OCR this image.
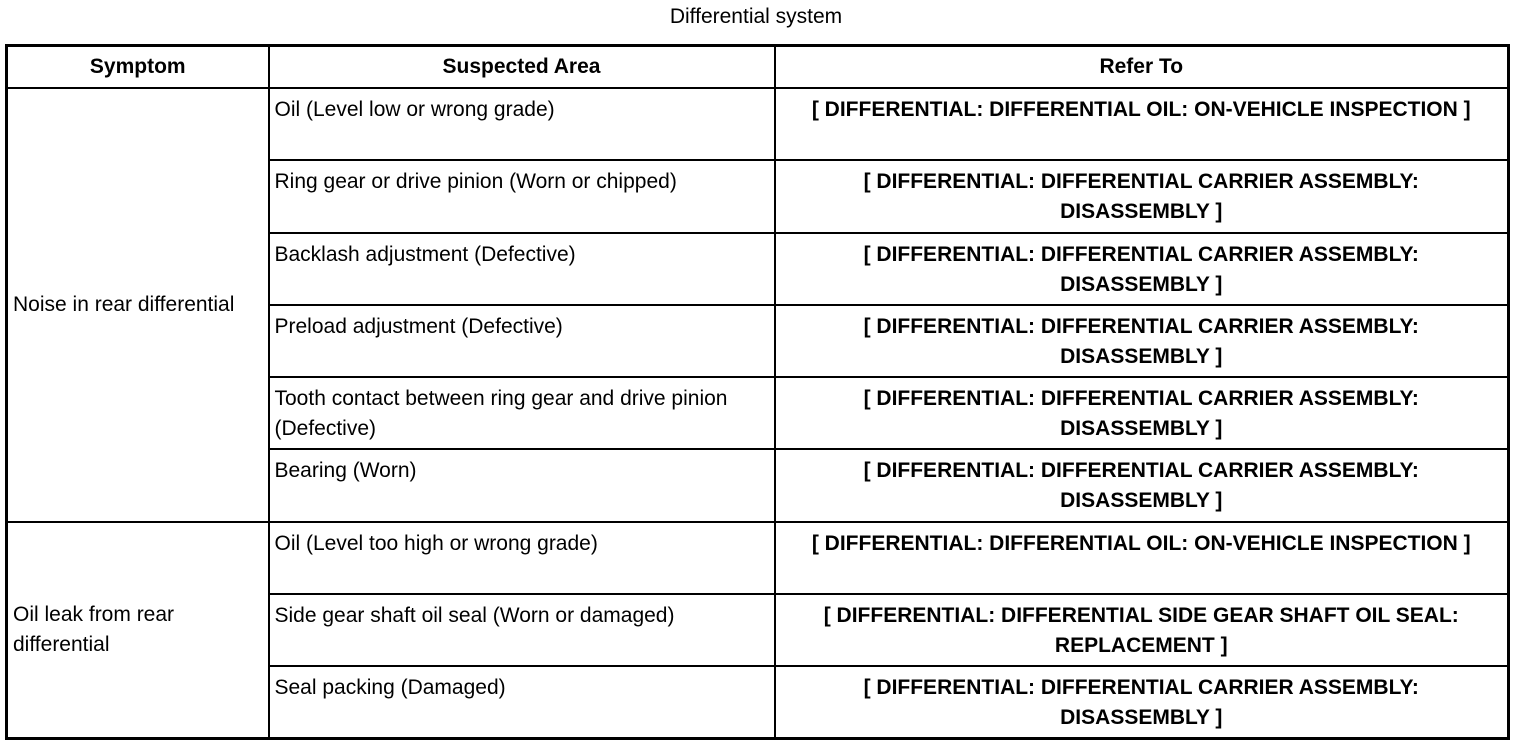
Differential system
Symptom	Suspected Area	Refer To
Noise in rear differential	Oil (Level low or wrong grade)	[ DIFFERENTIAL: DIFFERENTIAL OIL: ON-VEHICLE INSPECTION ]
	Ring gear or drive pinion (Worn or chipped)	[ DIFFERENTIAL: DIFFERENTIAL CARRIER ASSEMBLY: DISASSEMBLY ]
	Backlash adjustment (Defective)	[ DIFFERENTIAL: DIFFERENTIAL CARRIER ASSEMBLY: DISASSEMBLY ]
	Preload adjustment (Defective)	[ DIFFERENTIAL: DIFFERENTIAL CARRIER ASSEMBLY: DISASSEMBLY ]
	Tooth contact between ring gear and drive pinion (Defective)	[ DIFFERENTIAL: DIFFERENTIAL CARRIER ASSEMBLY: DISASSEMBLY ]
	Bearing (Worn)	[ DIFFERENTIAL: DIFFERENTIAL CARRIER ASSEMBLY: DISASSEMBLY ]
Oil leak from rear differential	Oil (Level too high or wrong grade)	[ DIFFERENTIAL: DIFFERENTIAL OIL: ON-VEHICLE INSPECTION ]
	Side gear shaft oil seal (Worn or damaged)	[ DIFFERENTIAL: DIFFERENTIAL SIDE GEAR SHAFT OIL SEAL: REPLACEMENT ]
	Seal packing (Damaged)	[ DIFFERENTIAL: DIFFERENTIAL CARRIER ASSEMBLY: DISASSEMBLY ]
